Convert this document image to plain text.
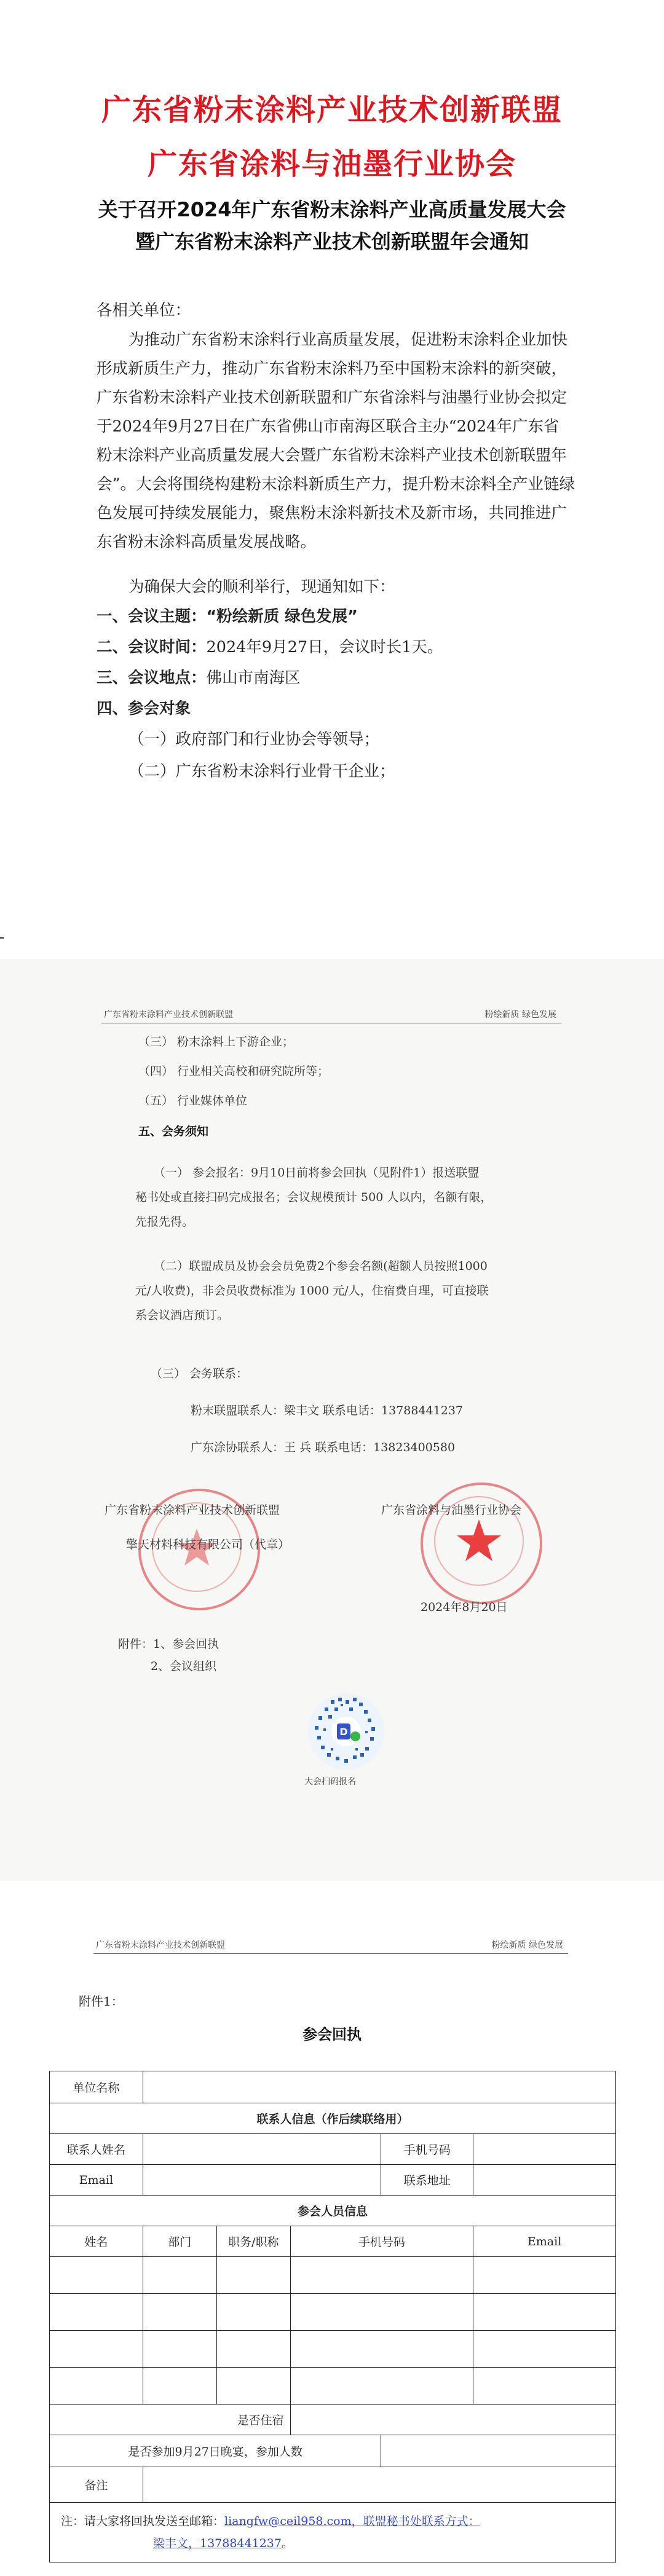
广东省粉末涂料产业技术创新联盟
广东省涂料与油墨行业协会
关于召开2024年广东省粉末涂料产业高质量发展大会
暨广东省粉末涂料产业技术创新联盟年会通知
各相关单位：
为推动广东省粉末涂料行业高质量发展，促进粉末涂料企业加快
形成新质生产力，推动广东省粉末涂料乃至中国粉末涂料的新突破，
广东省粉末涂料产业技术创新联盟和广东省涂料与油墨行业协会拟定
于2024年9月27日在广东省佛山市南海区联合主办“2024年广东省
粉末涂料产业高质量发展大会暨广东省粉末涂料产业技术创新联盟年
会”。大会将围绕构建粉末涂料新质生产力，提升粉末涂料全产业链绿
色发展可持续发展能力，聚焦粉末涂料新技术及新市场，共同推进广
东省粉末涂料高质量发展战略。
为确保大会的顺利举行，现通知如下：
一、会议主题：“粉绘新质 绿色发展”
二、会议时间：2024年9月27日，会议时长1天。
三、会议地点：佛山市南海区
四、参会对象
（一）政府部门和行业协会等领导；
（二）广东省粉末涂料行业骨干企业；
广东省粉末涂料产业技术创新联盟	粉绘新质 绿色发展
（三） 粉末涂料上下游企业；
（四） 行业相关高校和研究院所等；
（五） 行业媒体单位
五、会务须知
（一） 参会报名：9月10日前将参会回执（见附件1）报送联盟
秘书处或直接扫码完成报名；会议规模预计 500 人以内，名额有限，
先报先得。
（二）联盟成员及协会会员免费2个参会名额(超额人员按照1000
元/人收费)，非会员收费标准为 1000 元/人，住宿费自理，可直接联
系会议酒店预订。
（三） 会务联系：
粉末联盟联系人：梁丰文 联系电话：13788441237
广东涂协联系人：王 兵 联系电话：13823400580
广东省粉末涂料产业技术创新联盟	广东省涂料与油墨行业协会
擎天材料科技有限公司（代章）
2024年8月20日
附件：1、参会回执
2、会议组织
D
大会扫码报名
广东省粉末涂料产业技术创新联盟	粉绘新质 绿色发展
附件1：
参会回执
单位名称					
联系人信息（作后续联络用）					
联系人姓名				手机号码	
Email				联系地址	
参会人员信息					
姓名	部门	职务/职称	手机号码		Email

是否住宿					
是否参加9月27日晚宴，参加人数					
备注					
注：请大家将回执发送至邮箱：liangfw@ceil958.com，联盟秘书处联系方式：
梁丰文，13788441237。					
